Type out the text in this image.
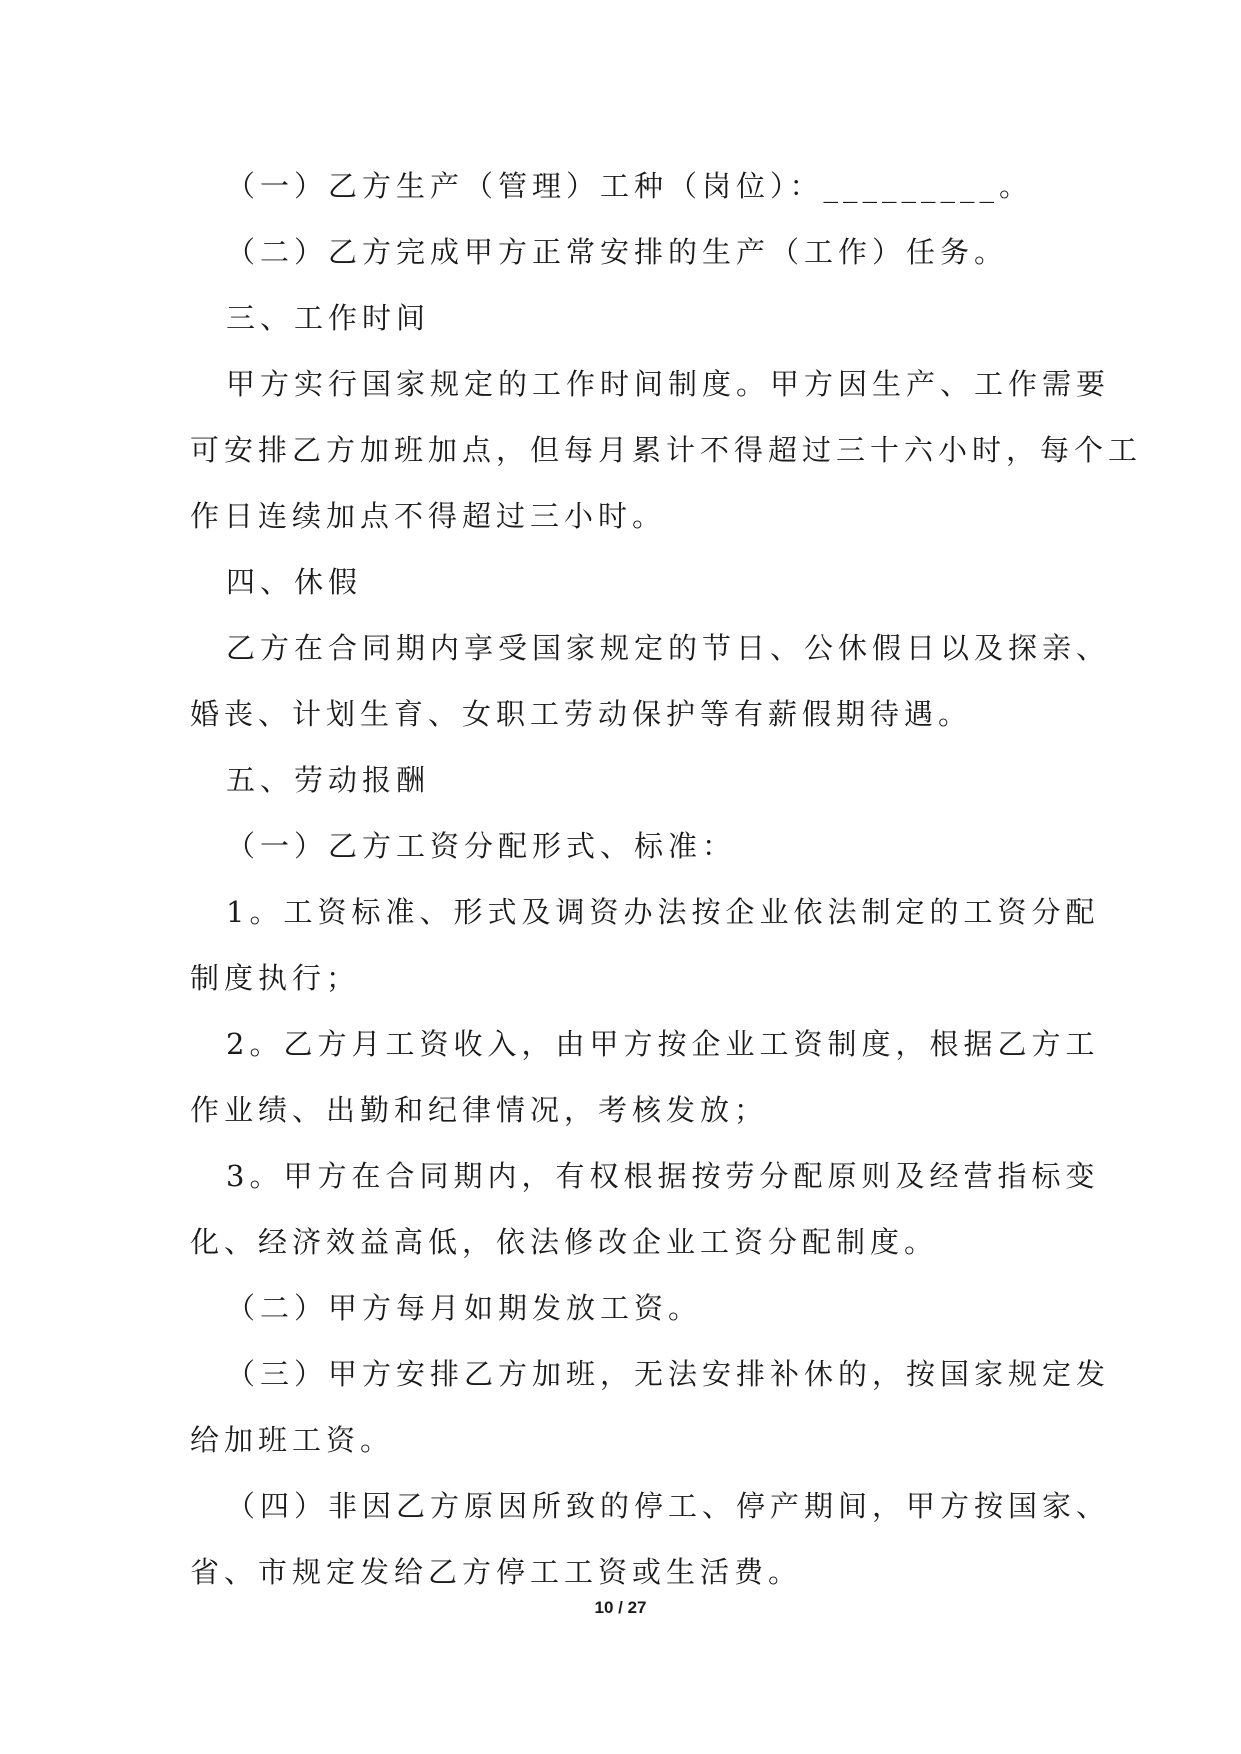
（一）乙方生产（管理）工种（岗位）：_________。

（二）乙方完成甲方正常安排的生产（工作）任务。

三、工作时间

甲方实行国家规定的工作时间制度。甲方因生产、工作需要

可安排乙方加班加点，但每月累计不得超过三十六小时，每个工

作日连续加点不得超过三小时。

四、休假

乙方在合同期内享受国家规定的节日、公休假日以及探亲、

婚丧、计划生育、女职工劳动保护等有薪假期待遇。

五、劳动报酬

（一）乙方工资分配形式、标准：

1。工资标准、形式及调资办法按企业依法制定的工资分配

制度执行；

2。乙方月工资收入，由甲方按企业工资制度，根据乙方工

作业绩、出勤和纪律情况，考核发放；

3。甲方在合同期内，有权根据按劳分配原则及经营指标变

化、经济效益高低，依法修改企业工资分配制度。

（二）甲方每月如期发放工资。

（三）甲方安排乙方加班，无法安排补休的，按国家规定发

给加班工资。

（四）非因乙方原因所致的停工、停产期间，甲方按国家、

省、市规定发给乙方停工工资或生活费。

10 / 27
